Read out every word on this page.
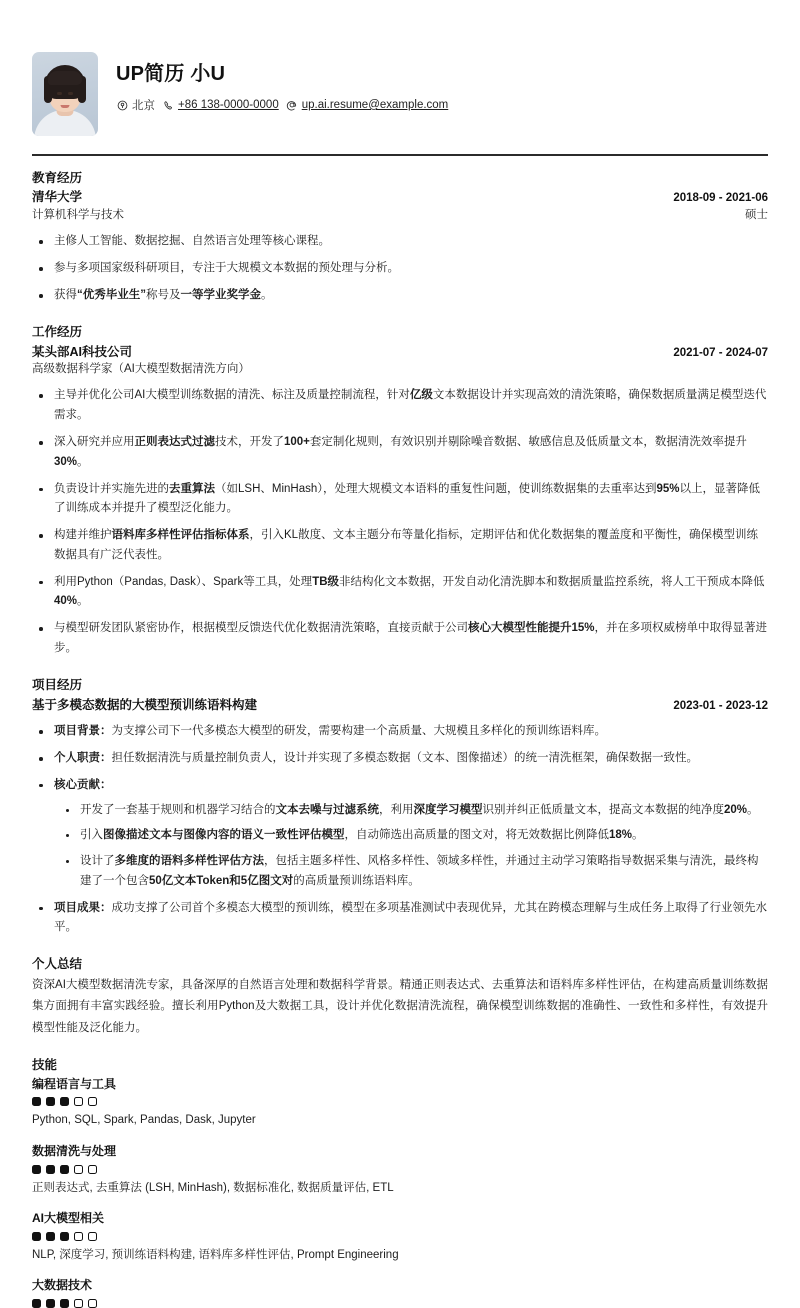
UP简历 小U
北京 +86 138-0000-0000 up.ai.resume@example.com
教育经历
清华大学	2018-09 - 2021-06
计算机科学与技术	硕士
主修人工智能、数据挖掘、自然语言处理等核心课程。
参与多项国家级科研项目，专注于大规模文本数据的预处理与分析。
获得“优秀毕业生”称号及一等学业奖学金。
工作经历
某头部AI科技公司	2021-07 - 2024-07
高级数据科学家（AI大模型数据清洗方向）
主导并优化公司AI大模型训练数据的清洗、标注及质量控制流程，针对亿级文本数据设计并实现高效的清洗策略，确保数据质量满足模型迭代需求。
深入研究并应用正则表达式过滤技术，开发了100+套定制化规则，有效识别并剔除噪音数据、敏感信息及低质量文本，数据清洗效率提升30%。
负责设计并实施先进的去重算法（如LSH、MinHash），处理大规模文本语料的重复性问题，使训练数据集的去重率达到95%以上，显著降低了训练成本并提升了模型泛化能力。
构建并维护语料库多样性评估指标体系，引入KL散度、文本主题分布等量化指标，定期评估和优化数据集的覆盖度和平衡性，确保模型训练数据具有广泛代表性。
利用Python（Pandas, Dask）、Spark等工具，处理TB级非结构化文本数据，开发自动化清洗脚本和数据质量监控系统，将人工干预成本降低40%。
与模型研发团队紧密协作，根据模型反馈迭代优化数据清洗策略，直接贡献于公司核心大模型性能提升15%，并在多项权威榜单中取得显著进步。
项目经历
基于多模态数据的大模型预训练语料构建	2023-01 - 2023-12
项目背景：为支撑公司下一代多模态大模型的研发，需要构建一个高质量、大规模且多样化的预训练语料库。
个人职责：担任数据清洗与质量控制负责人，设计并实现了多模态数据（文本、图像描述）的统一清洗框架，确保数据一致性。
核心贡献：
开发了一套基于规则和机器学习结合的文本去噪与过滤系统，利用深度学习模型识别并纠正低质量文本，提高文本数据的纯净度20%。
引入图像描述文本与图像内容的语义一致性评估模型，自动筛选出高质量的图文对，将无效数据比例降低18%。
设计了多维度的语料多样性评估方法，包括主题多样性、风格多样性、领域多样性，并通过主动学习策略指导数据采集与清洗，最终构建了一个包含50亿文本Token和5亿图文对的高质量预训练语料库。
项目成果：成功支撑了公司首个多模态大模型的预训练，模型在多项基准测试中表现优异，尤其在跨模态理解与生成任务上取得了行业领先水平。
个人总结
资深AI大模型数据清洗专家，具备深厚的自然语言处理和数据科学背景。精通正则表达式、去重算法和语料库多样性评估，在构建高质量训练数据集方面拥有丰富实践经验。擅长利用Python及大数据工具，设计并优化数据清洗流程，确保模型训练数据的准确性、一致性和多样性，有效提升模型性能及泛化能力。
技能
编程语言与工具
Python, SQL, Spark, Pandas, Dask, Jupyter
数据清洗与处理
正则表达式, 去重算法 (LSH, MinHash), 数据标准化, 数据质量评估, ETL
AI大模型相关
NLP, 深度学习, 预训练语料构建, 语料库多样性评估, Prompt Engineering
大数据技术
